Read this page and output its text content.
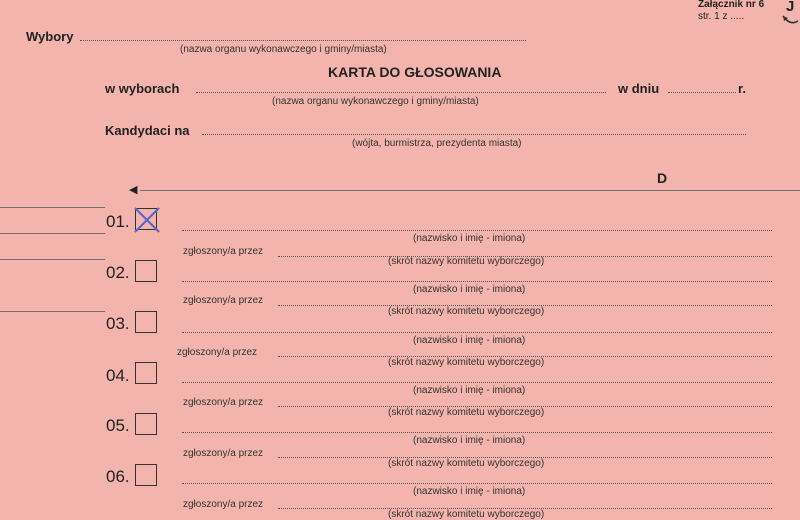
Załącznik nr 6
str. 1 z .....
J
Wybory
(nazwa organu wykonawczego i gminy/miasta)
KARTA DO GŁOSOWANIA
w wyborach	w dniu	r.
(nazwa organu wykonawczego i gminy/miasta)
Kandydaci na
(wójta, burmistrza, prezydenta miasta)
D
◀
01.
(nazwisko i imię - imiona)
zgłoszony/a przez
(skrót nazwy komitetu wyborczego)
02.
(nazwisko i imię - imiona)
zgłoszony/a przez
(skrót nazwy komitetu wyborczego)
03.
(nazwisko i imię - imiona)
zgłoszony/a przez
(skrót nazwy komitetu wyborczego)
04.
(nazwisko i imię - imiona)
zgłoszony/a przez
(skrót nazwy komitetu wyborczego)
05.
(nazwisko i imię - imiona)
zgłoszony/a przez
(skrót nazwy komitetu wyborczego)
06.
(nazwisko i imię - imiona)
zgłoszony/a przez
(skrót nazwy komitetu wyborczego)
